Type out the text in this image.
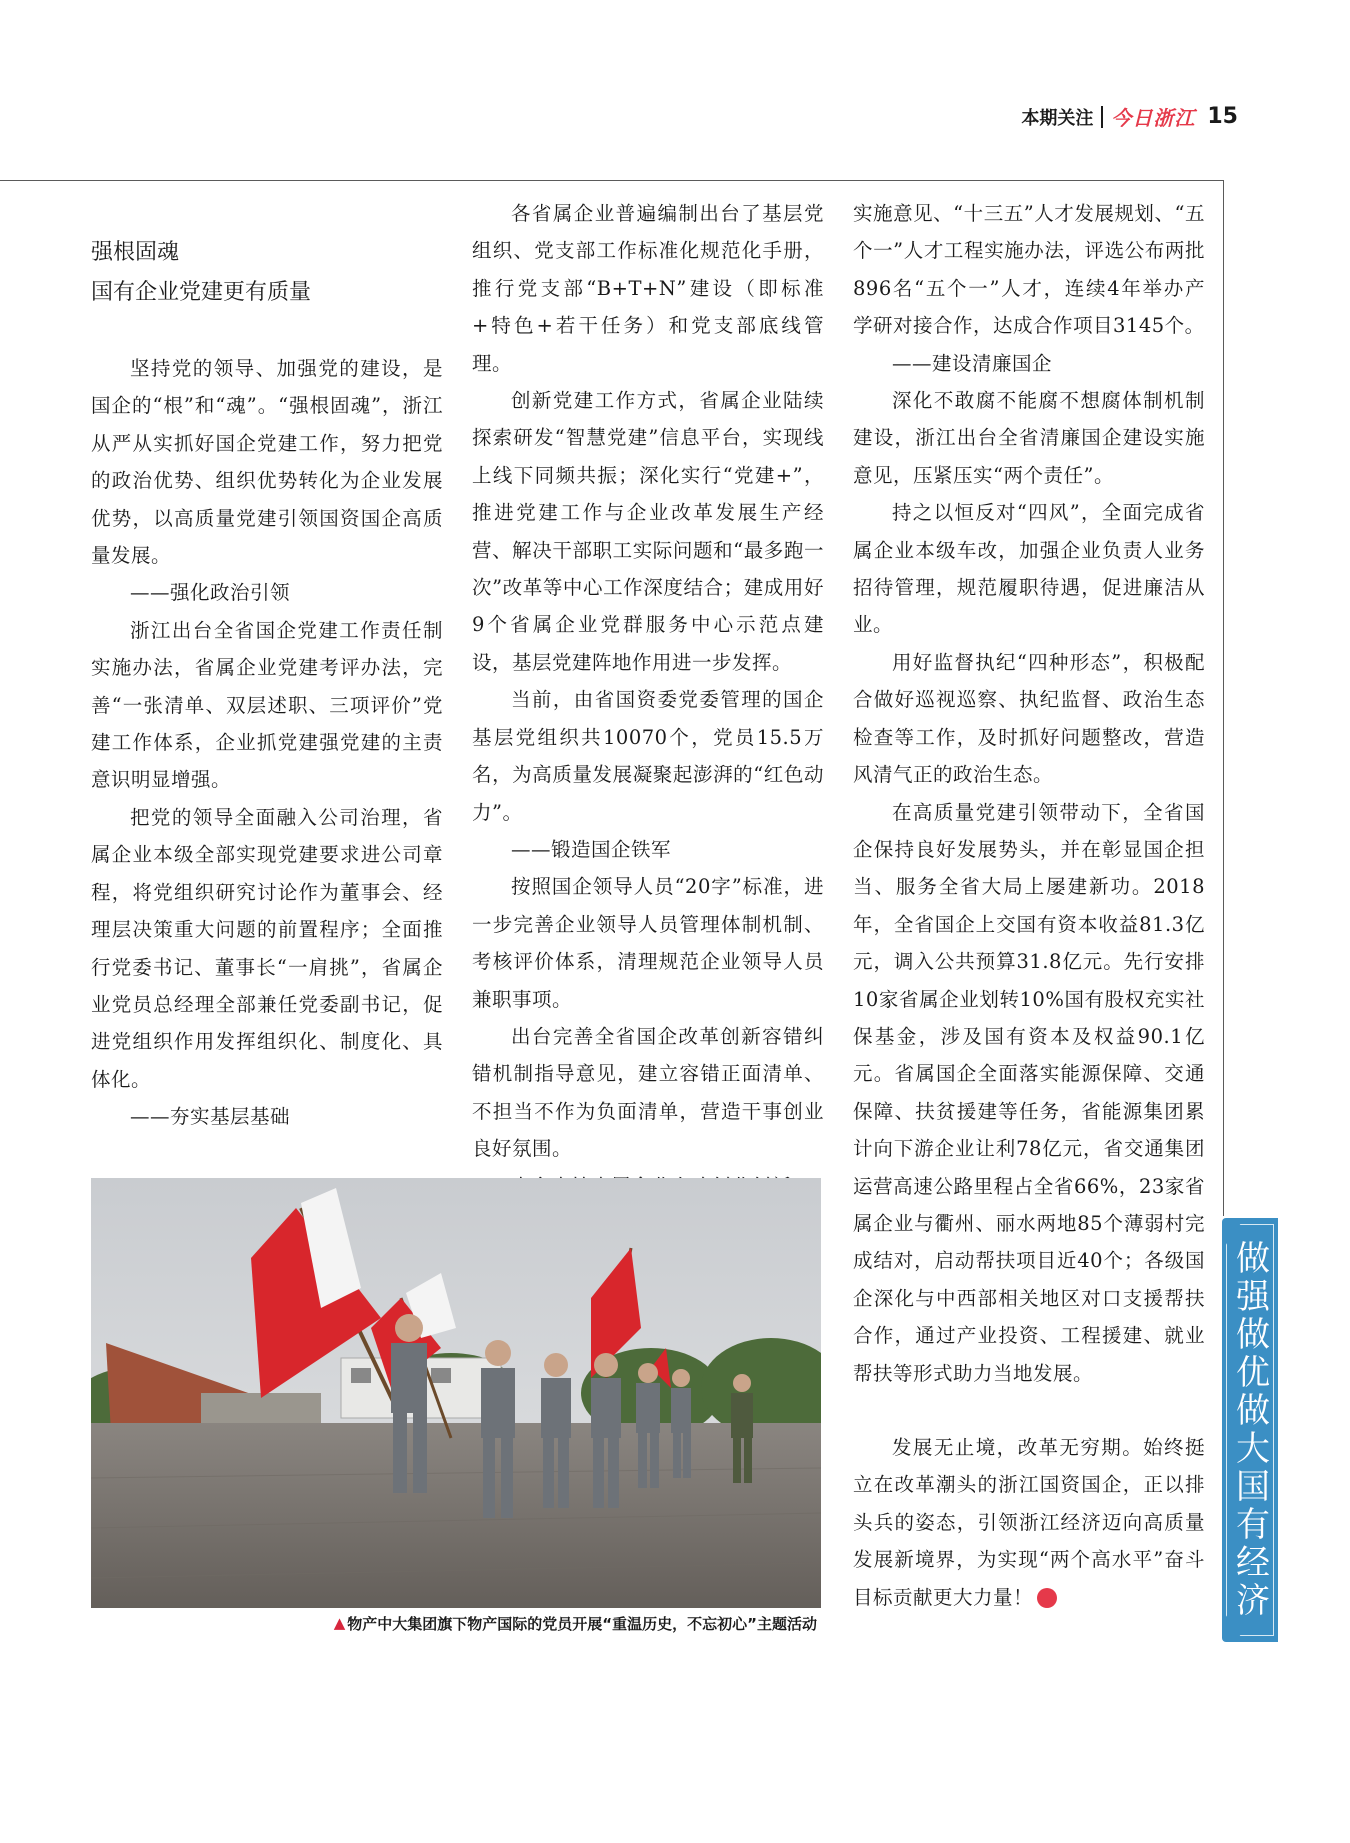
本期关注 今日浙江 15
强根固魂
国有企业党建更有质量

坚持党的领导、加强党的建设，是国企的“根”和“魂”。“强根固魂”，浙江从严从实抓好国企党建工作，努力把党的政治优势、组织优势转化为企业发展优势，以高质量党建引领国资国企高质量发展。

——强化政治引领

浙江出台全省国企党建工作责任制实施办法，省属企业党建考评办法，完善“一张清单、双层述职、三项评价”党建工作体系，企业抓党建强党建的主责意识明显增强。

把党的领导全面融入公司治理，省属企业本级全部实现党建要求进公司章程，将党组织研究讨论作为董事会、经理层决策重大问题的前置程序；全面推行党委书记、董事长“一肩挑”，省属企业党员总经理全部兼任党委副书记，促进党组织作用发挥组织化、制度化、具体化。

——夯实基层基础

各省属企业普遍编制出台了基层党组织、党支部工作标准化规范化手册，推行党支部“B+T+N”建设（即标准+特色+若干任务）和党支部底线管理。

创新党建工作方式，省属企业陆续探索研发“智慧党建”信息平台，实现线上线下同频共振；深化实行“党建+”，推进党建工作与企业改革发展生产经营、解决干部职工实际问题和“最多跑一次”改革等中心工作深度结合；建成用好9个省属企业党群服务中心示范点建设，基层党建阵地作用进一步发挥。

当前，由省国资委党委管理的国企基层党组织共10070个，党员15.5万名，为高质量发展凝聚起澎湃的“红色动力”。

——锻造国企铁军

按照国企领导人员“20字”标准，进一步完善企业领导人员管理体制机制、考核评价体系，清理规范企业领导人员兼职事项。

出台完善全省国企改革创新容错纠错机制指导意见，建立容错正面清单、不担当不作为负面清单，营造干事创业良好氛围。

实施意见、“十三五”人才发展规划、“五个一”人才工程实施办法，评选公布两批896名“五个一”人才，连续4年举办产学研对接合作，达成合作项目3145个。

——建设清廉国企

深化不敢腐不能腐不想腐体制机制建设，浙江出台全省清廉国企建设实施意见，压紧压实“两个责任”。

持之以恒反对“四风”，全面完成省属企业本级车改，加强企业负责人业务招待管理，规范履职待遇，促进廉洁从业。

用好监督执纪“四种形态”，积极配合做好巡视巡察、执纪监督、政治生态检查等工作，及时抓好问题整改，营造风清气正的政治生态。

在高质量党建引领带动下，全省国企保持良好发展势头，并在彰显国企担当、服务全省大局上屡建新功。2018年，全省国企上交国有资本收益81.3亿元，调入公共预算31.8亿元。先行安排10家省属企业划转10%国有股权充实社保基金，涉及国有资本及权益90.1亿元。省属国企全面落实能源保障、交通保障、扶贫援建等任务，省能源集团累计向下游企业让利78亿元，省交通集团运营高速公路里程占全省66%，23家省属企业与衢州、丽水两地85个薄弱村完成结对，启动帮扶项目近40个；各级国企深化与中西部相关地区对口支援帮扶合作，通过产业投资、工程援建、就业帮扶等形式助力当地发展。

发展无止境，改革无穷期。始终挺立在改革潮头的浙江国资国企，正以排头兵的姿态，引领浙江经济迈向高质量发展新境界，为实现“两个高水平”奋斗目标贡献更大力量！	今

▲ 物产中大集团旗下物产国际的党员开展“重温历史，不忘初心”主题活动
做强做优做大国有经济
